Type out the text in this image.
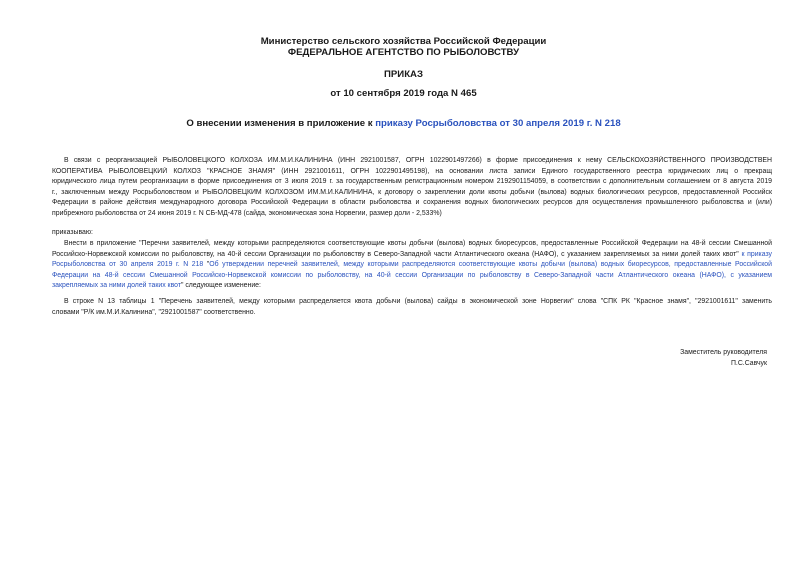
Министерство сельского хозяйства Российской Федерации
ФЕДЕРАЛЬНОЕ АГЕНТСТВО ПО РЫБОЛОВСТВУ
ПРИКАЗ
от 10 сентября 2019 года N 465
О внесении изменения в приложение к приказу Росрыболовства от 30 апреля 2019 г. N 218
В связи с реорганизацией РЫБОЛОВЕЦКОГО КОЛХОЗА ИМ.М.И.КАЛИНИНА (ИНН 2921001587, ОГРН 1022901497266) в форме присоединения к нему СЕЛЬСКОХОЗЯЙСТВЕННОГО ПРОИЗВОДСТВЕН
КООПЕРАТИВА РЫБОЛОВЕЦКИЙ КОЛХОЗ "КРАСНОЕ ЗНАМЯ" (ИНН 2921001611, ОГРН 1022901495198), на основании листа записи Единого государственного реестра юридических лиц о прекращ
юридического лица путем реорганизации в форме присоединения от 3 июля 2019 г. за государственным регистрационным номером 2192901154059, в соответствии с дополнительным соглашением от 8 августа 2019
г., заключенным между Росрыболовством и РЫБОЛОВЕЦКИМ КОЛХОЗОМ ИМ.М.И.КАЛИНИНА, к договору о закреплении доли квоты добычи (вылова) водных биологических ресурсов, предоставленной Российск
Федерации в районе действия международного договора Российской Федерации в области рыболовства и сохранения водных биологических ресурсов для осуществления промышленного рыболовства и (или)
прибрежного рыболовства от 24 июня 2019 г. N СБ-МД-478 (сайда, экономическая зона Норвегии, размер доли - 2,533%)
приказываю:
Внести в приложение "Перечни заявителей, между которыми распределяются соответствующие квоты добычи (вылова) водных биоресурсов, предоставленные Российской Федерации на 48-й сессии Смешанной
Российско-Норвежской комиссии по рыболовству, на 40-й сессии Организации по рыболовству в Северо-Западной части Атлантического океана (НАФО), с указанием закрепляемых за ними долей таких квот" к приказу
Росрыболовства от 30 апреля 2019 г. N 218 "Об утверждении перечней заявителей, между которыми распределяются соответствующие квоты добычи (вылова) водных биоресурсов, предоставленные Российской
Федерации на 48-й сессии Смешанной Российско-Норвежской комиссии по рыболовству, на 40-й сессии Организации по рыболовству в Северо-Западной части Атлантического океана (НАФО), с указанием
закрепляемых за ними долей таких квот" следующее изменение:
В строке N 13 таблицы 1 "Перечень заявителей, между которыми распределяется квота добычи (вылова) сайды в экономической зоне Норвегии" слова "СПК РК "Красное знамя", "2921001611" заменить
словами "Р/К им.М.И.Калинина", "2921001587" соответственно.
Заместитель руководителя
П.С.Савчук
